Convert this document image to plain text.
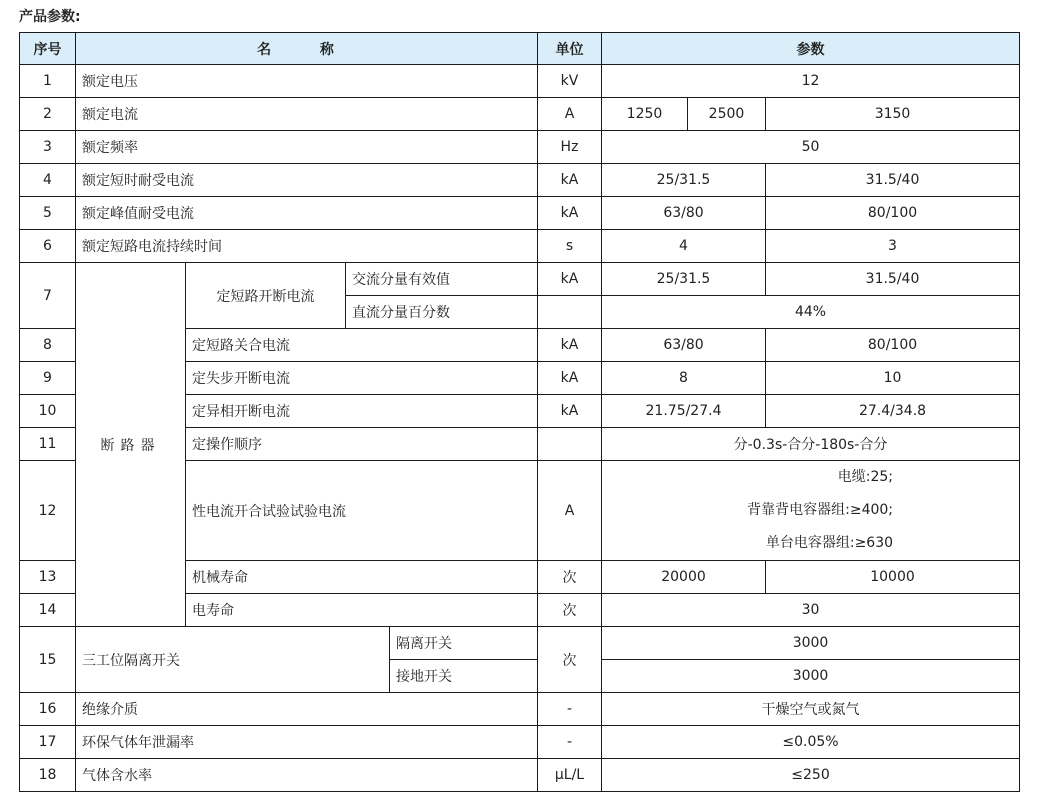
产品参数:
序号	名 称				单位	参数		
1	额定电压				kV	12		
2	额定电流				A	1250	2500	3150
3	额定频率				Hz	50		
4	额定短时耐受电流				kA	25/31.5		31.5/40
5	额定峰值耐受电流				kA	63/80		80/100
6	额定短路电流持续时间				s	4		3
7	断路器	定短路开断电流	交流分量有效值		kA	25/31.5		31.5/40
			直流分量百分数			44%		
8		定短路关合电流			kA	63/80		80/100
9		定失步开断电流			kA	8		10
10		定异相开断电流			kA	21.75/27.4		27.4/34.8
11		定操作顺序				分-0.3s-合分-180s-合分		
12		性电流开合试验试验电流			A	电缆:25;
背靠背电容器组:≥400;
单台电容器组:≥630		

13		机械寿命			次	20000		10000
14		电寿命			次	30		
15	三工位隔离开关			隔离开关	次	3000		
				接地开关		3000		
16	绝缘介质				-	干燥空气或氮气		
17	环保气体年泄漏率				-	≤0.05%		
18	气体含水率				μL/L	≤250		
